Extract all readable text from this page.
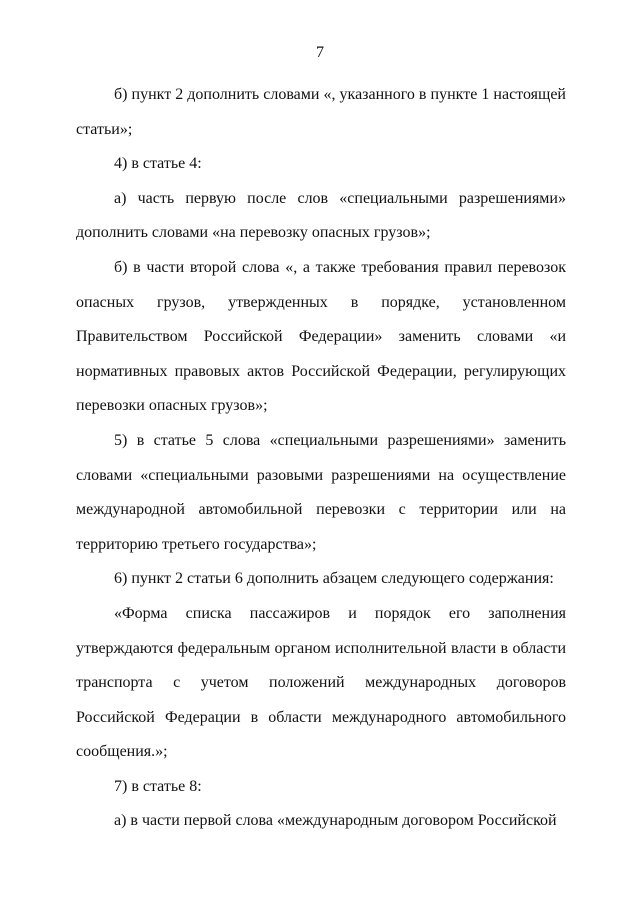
7

б) пункт 2 дополнить словами «, указанного в пункте 1 настоящей статьи»;

4) в статье 4:

а) часть первую после слов «специальными разрешениями» дополнить словами «на перевозку опасных грузов»;

б) в части второй слова «, а также требования правил перевозок опасных грузов, утвержденных в порядке, установленном Правительством Российской Федерации» заменить словами «и нормативных правовых актов Российской Федерации, регулирующих перевозки опасных грузов»;

5) в статье 5 слова «специальными разрешениями» заменить словами «специальными разовыми разрешениями на осуществление международной автомобильной перевозки с территории или на территорию третьего государства»;

6) пункт 2 статьи 6 дополнить абзацем следующего содержания:

«Форма списка пассажиров и порядок его заполнения утверждаются федеральным органом исполнительной власти в области транспорта с учетом положений международных договоров Российской Федерации в области международного автомобильного сообщения.»;

7) в статье 8:

а) в части первой слова «международным договором Российской
